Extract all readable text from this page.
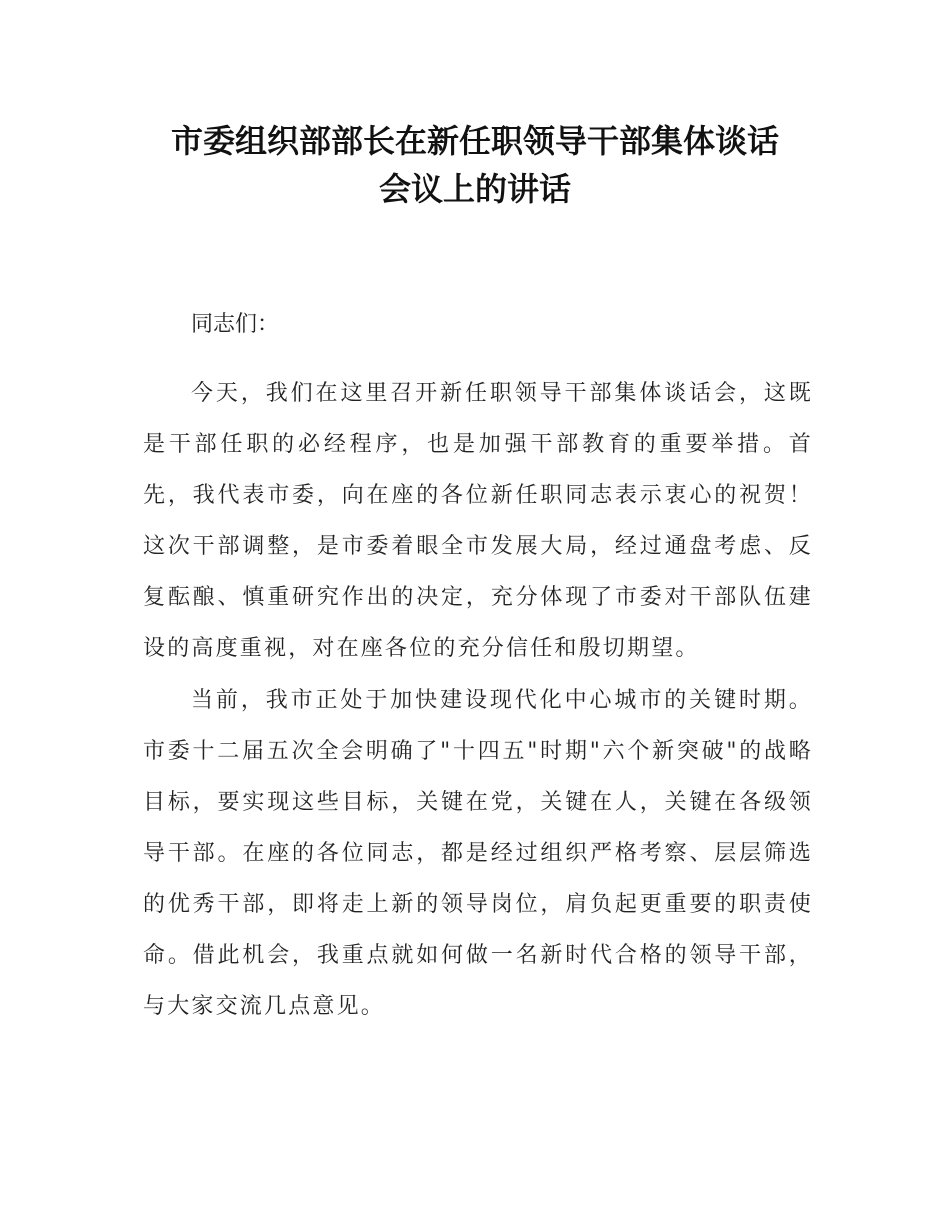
市委组织部部长在新任职领导干部集体谈话
会议上的讲话
同志们：

今天，我们在这里召开新任职领导干部集体谈话会，这既是干部任职的必经程序，也是加强干部教育的重要举措。首先，我代表市委，向在座的各位新任职同志表示衷心的祝贺！这次干部调整，是市委着眼全市发展大局，经过通盘考虑、反复酝酿、慎重研究作出的决定，充分体现了市委对干部队伍建设的高度重视，对在座各位的充分信任和殷切期望。

当前，我市正处于加快建设现代化中心城市的关键时期。市委十二届五次全会明确了"十四五"时期"六个新突破"的战略目标，要实现这些目标，关键在党，关键在人，关键在各级领导干部。在座的各位同志，都是经过组织严格考察、层层筛选的优秀干部，即将走上新的领导岗位，肩负起更重要的职责使命。借此机会，我重点就如何做一名新时代合格的领导干部，与大家交流几点意见。
